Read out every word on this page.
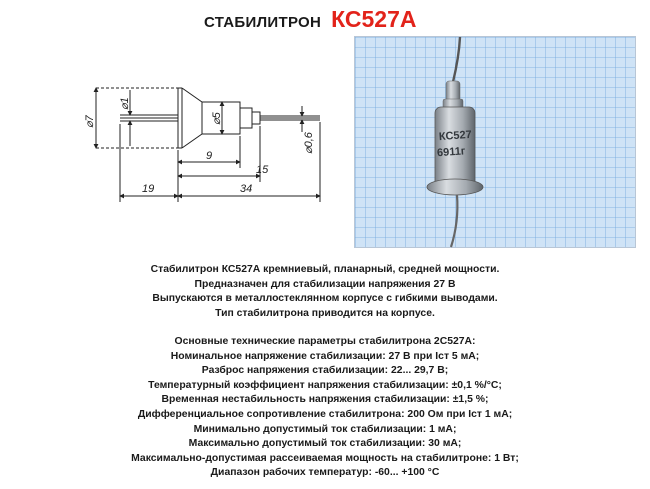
СТАБИЛИТРОН КС527А
⌀7
⌀1
⌀5
⌀0,6
9
15
19	34
КС527
6911г

Стабилитрон КС527А кремниевый, планарный, средней мощности.

Предназначен для стабилизации напряжения 27 В

Выпускаются в металлостеклянном корпусе с гибкими выводами.

Тип стабилитрона приводится на корпусе.

Основные технические параметры стабилитрона 2С527А:

Номинальное напряжение стабилизации: 27 В при Iст 5 мА;

Разброс напряжения стабилизации: 22... 29,7 В;

Температурный коэффициент напряжения стабилизации: ±0,1 %/°С;

Временная нестабильность напряжения стабилизации: ±1,5 %;

Дифференциальное сопротивление стабилитрона: 200 Ом при Iст 1 мА;

Минимально допустимый ток стабилизации: 1 мА;

Максимально допустимый ток стабилизации: 30 мА;

Максимально-допустимая рассеиваемая мощность на стабилитроне: 1 Вт;

Диапазон рабочих температур: -60... +100 °С
